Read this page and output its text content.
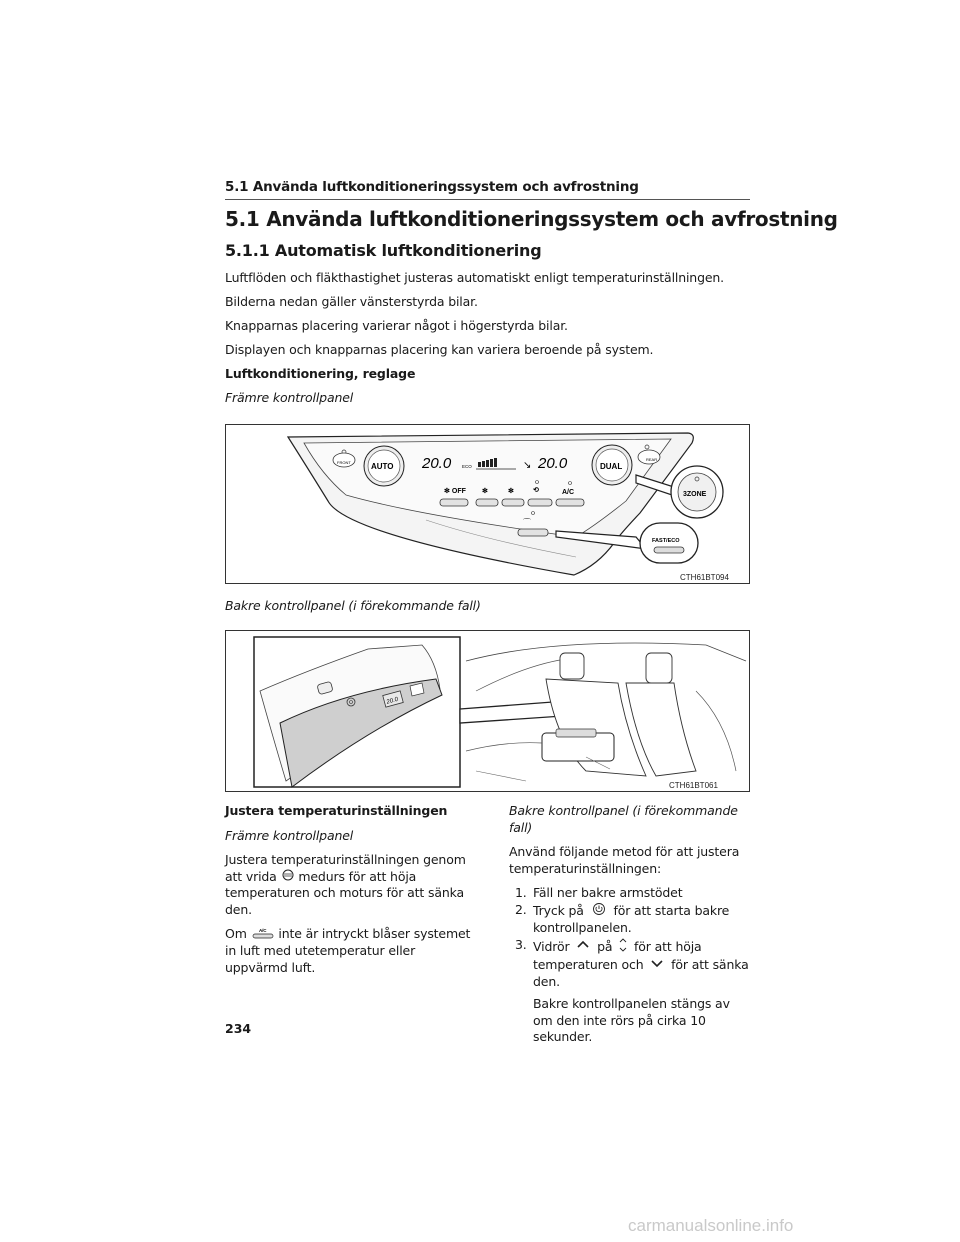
5.1 Använda luftkonditioneringssystem och avfrostning
5.1 Använda luftkonditioneringssystem och avfrostning
5.1.1 Automatisk luftkonditionering
Luftflöden och fläkthastighet justeras automatiskt enligt temperaturinställningen.
Bilderna nedan gäller vänsterstyrda bilar.
Knapparnas placering varierar något i högerstyrda bilar.
Displayen och knapparnas placering kan variera beroende på system.
Luftkonditionering, reglage
Främre kontrollpanel
FRONT	AUTO 20.0 ECO	↘ 20.0	DUAL
REAR
✻ OFF ✻	✻	⟲	A/C
⌒
3ZONE
FAST/ECO
CTH61BT094
Bakre kontrollpanel (i förekommande fall)
20.0
CTH61BT061

Justera temperaturinställningen

Främre kontrollpanel

Justera temperaturinställningen genom att vrida medurs för att höja temperaturen och moturs för att sänka den.

Om	A/C inte är intryckt blåser systemet in luft med utetemperatur eller uppvärmd luft.

Bakre kontrollpanel (i förekommande fall)

Använd följande metod för att justera temperaturinställningen:

1. Fäll ner bakre armstödet
2. Tryck på för att starta bakre kontrollpanelen.
3. Vidrör på för att höja temperaturen och för att sänka den.
Bakre kontrollpanelen stängs av om den inte rörs på cirka 10 sekunder.
234
carmanualsonline.info
